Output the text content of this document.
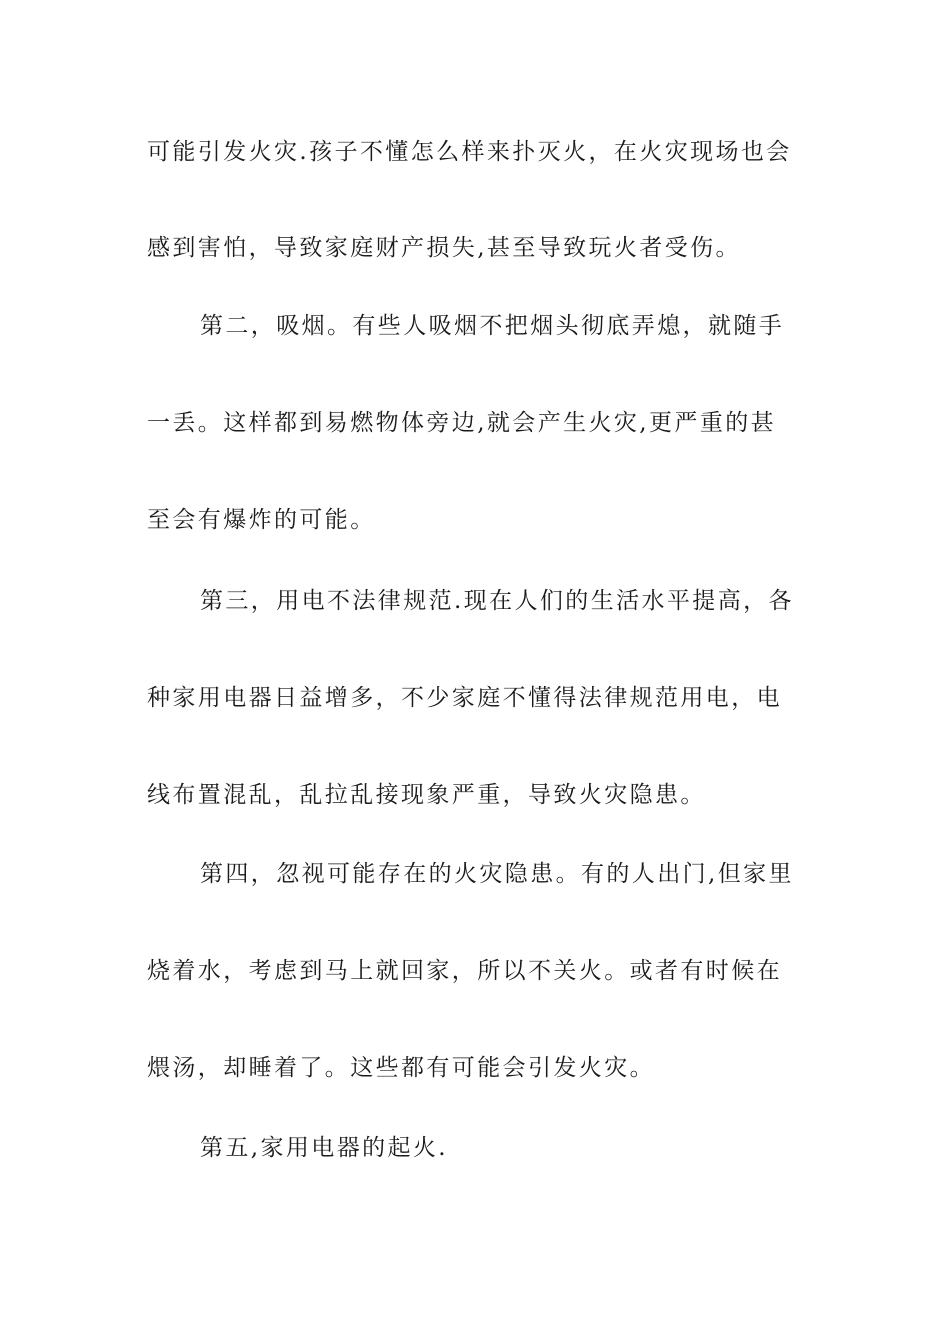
可能引发火灾.孩子不懂怎么样来扑灭火，在火灾现场也会
感到害怕，导致家庭财产损失,甚至导致玩火者受伤。
第二，吸烟。有些人吸烟不把烟头彻底弄熄，就随手
一丢。这样都到易燃物体旁边,就会产生火灾,更严重的甚
至会有爆炸的可能。
第三，用电不法律规范.现在人们的生活水平提高，各
种家用电器日益增多，不少家庭不懂得法律规范用电，电
线布置混乱，乱拉乱接现象严重，导致火灾隐患。
第四，忽视可能存在的火灾隐患。有的人出门,但家里
烧着水，考虑到马上就回家，所以不关火。或者有时候在
煨汤，却睡着了。这些都有可能会引发火灾。
第五,家用电器的起火.
